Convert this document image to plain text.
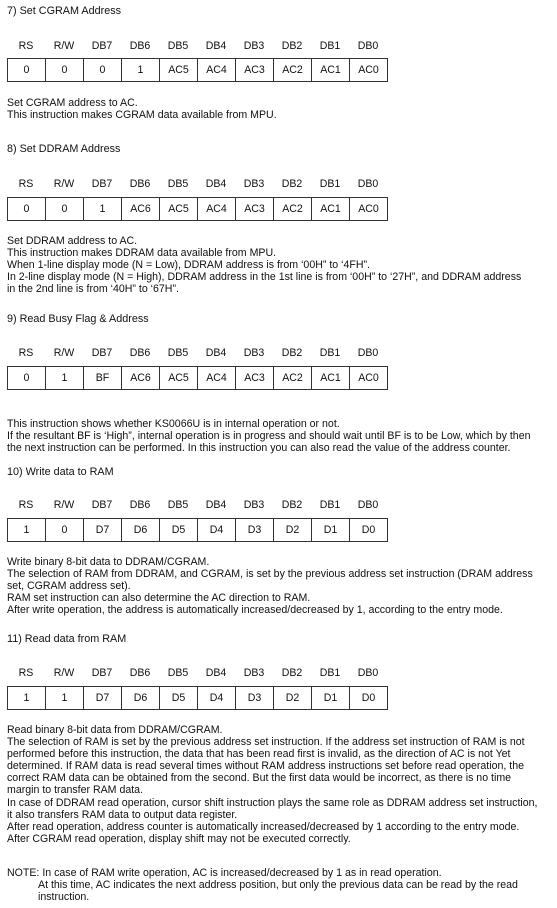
7) Set CGRAM Address
RS	R/W	DB7	DB6	DB5	DB4	DB3	DB2	DB1	DB0
0	0	0	1	AC5	AC4	AC3	AC2	AC1	AC0
Set CGRAM address to AC.
This instruction makes CGRAM data available from MPU.
8) Set DDRAM Address
RS	R/W	DB7	DB6	DB5	DB4	DB3	DB2	DB1	DB0
0	0	1	AC6	AC5	AC4	AC3	AC2	AC1	AC0
Set DDRAM address to AC.
This instruction makes DDRAM data available from MPU.
When 1-line display mode (N = Low), DDRAM address is from ‘00H” to ‘4FH”.
In 2-line display mode (N = High), DDRAM address in the 1st line is from ‘00H” to ‘27H”, and DDRAM address
in the 2nd line is from ‘40H” to ‘67H”.
9) Read Busy Flag & Address
RS	R/W	DB7	DB6	DB5	DB4	DB3	DB2	DB1	DB0
0	1	BF	AC6	AC5	AC4	AC3	AC2	AC1	AC0
This instruction shows whether KS0066U is in internal operation or not.
If the resultant BF is ‘High”, internal operation is in progress and should wait until BF is to be Low, which by then
the next instruction can be performed. In this instruction you can also read the value of the address counter.
10) Write data to RAM
RS	R/W	DB7	DB6	DB5	DB4	DB3	DB2	DB1	DB0
1	0	D7	D6	D5	D4	D3	D2	D1	D0
Write binary 8-bit data to DDRAM/CGRAM.
The selection of RAM from DDRAM, and CGRAM, is set by the previous address set instruction (DRAM address
set, CGRAM address set).
RAM set instruction can also determine the AC direction to RAM.
After write operation, the address is automatically increased/decreased by 1, according to the entry mode.
11) Read data from RAM
RS	R/W	DB7	DB6	DB5	DB4	DB3	DB2	DB1	DB0
1	1	D7	D6	D5	D4	D3	D2	D1	D0
Read binary 8-bit data from DDRAM/CGRAM.
The selection of RAM is set by the previous address set instruction. If the address set instruction of RAM is not
performed before this instruction, the data that has been read first is invalid, as the direction of AC is not Yet
determined. If RAM data is read several times without RAM address instructions set before read operation, the
correct RAM data can be obtained from the second. But the first data would be incorrect, as there is no time
margin to transfer RAM data.
In case of DDRAM read operation, cursor shift instruction plays the same role as DDRAM address set instruction,
it also transfers RAM data to output data register.
After read operation, address counter is automatically increased/decreased by 1 according to the entry mode.
After CGRAM read operation, display shift may not be executed correctly.
NOTE: In case of RAM write operation, AC is increased/decreased by 1 as in read operation.
At this time, AC indicates the next address position, but only the previous data can be read by the read
instruction.
